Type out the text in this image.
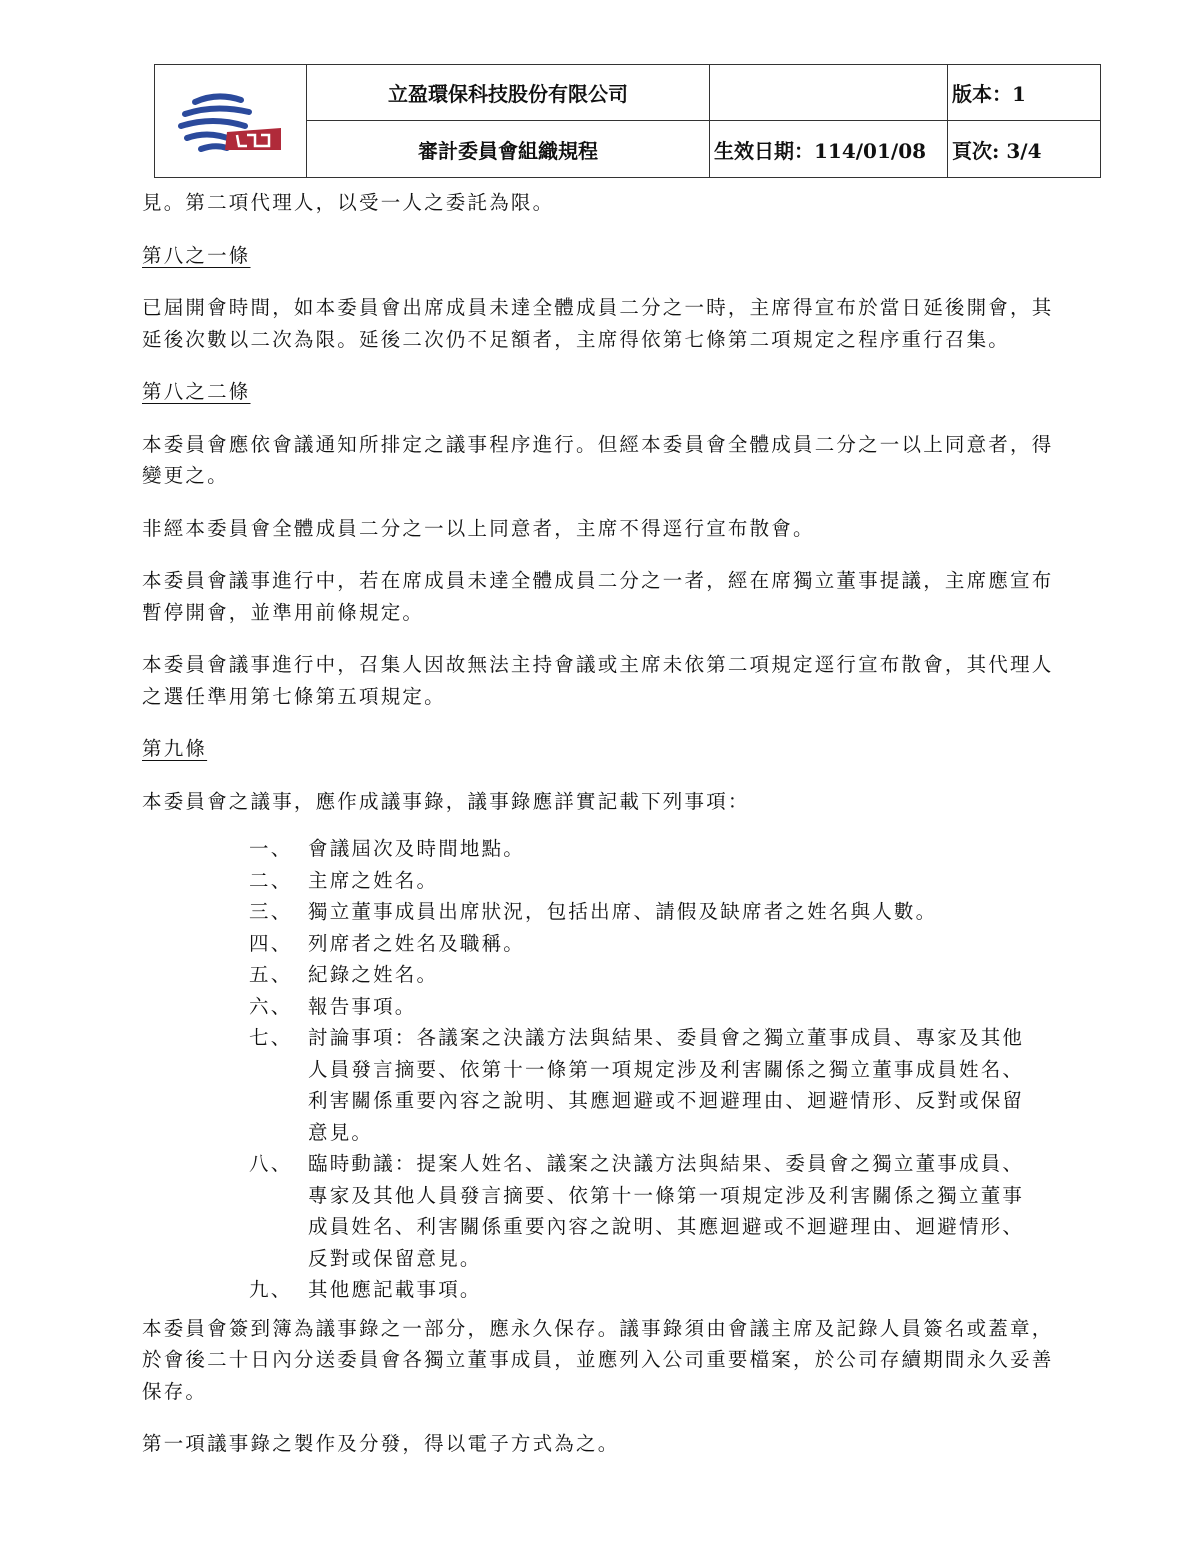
	立盈環保科技股份有限公司		版本：1
	審計委員會組織規程	生效日期：114/01/08	頁次: 3/4

見。第二項代理人，以受一人之委託為限。

第八之一條

已屆開會時間，如本委員會出席成員未達全體成員二分之一時，主席得宣布於當日延後開會，其延後次數以二次為限。延後二次仍不足額者，主席得依第七條第二項規定之程序重行召集。

第八之二條

本委員會應依會議通知所排定之議事程序進行。但經本委員會全體成員二分之一以上同意者，得變更之。

非經本委員會全體成員二分之一以上同意者，主席不得逕行宣布散會。

本委員會議事進行中，若在席成員未達全體成員二分之一者，經在席獨立董事提議，主席應宣布暫停開會，並準用前條規定。

本委員會議事進行中，召集人因故無法主持會議或主席未依第二項規定逕行宣布散會，其代理人之選任準用第七條第五項規定。

第九條

本委員會之議事，應作成議事錄，議事錄應詳實記載下列事項：

一、 會議屆次及時間地點。
二、 主席之姓名。
三、 獨立董事成員出席狀況，包括出席、請假及缺席者之姓名與人數。
四、 列席者之姓名及職稱。
五、 紀錄之姓名。
六、 報告事項。
七、 討論事項：各議案之決議方法與結果、委員會之獨立董事成員、專家及其他人員發言摘要、依第十一條第一項規定涉及利害關係之獨立董事成員姓名、利害關係重要內容之說明、其應迴避或不迴避理由、迴避情形、反對或保留意見。
八、 臨時動議：提案人姓名、議案之決議方法與結果、委員會之獨立董事成員、專家及其他人員發言摘要、依第十一條第一項規定涉及利害關係之獨立董事成員姓名、利害關係重要內容之說明、其應迴避或不迴避理由、迴避情形、反對或保留意見。
九、 其他應記載事項。

本委員會簽到簿為議事錄之一部分，應永久保存。議事錄須由會議主席及記錄人員簽名或蓋章，於會後二十日內分送委員會各獨立董事成員，並應列入公司重要檔案，於公司存續期間永久妥善保存。

第一項議事錄之製作及分發，得以電子方式為之。
